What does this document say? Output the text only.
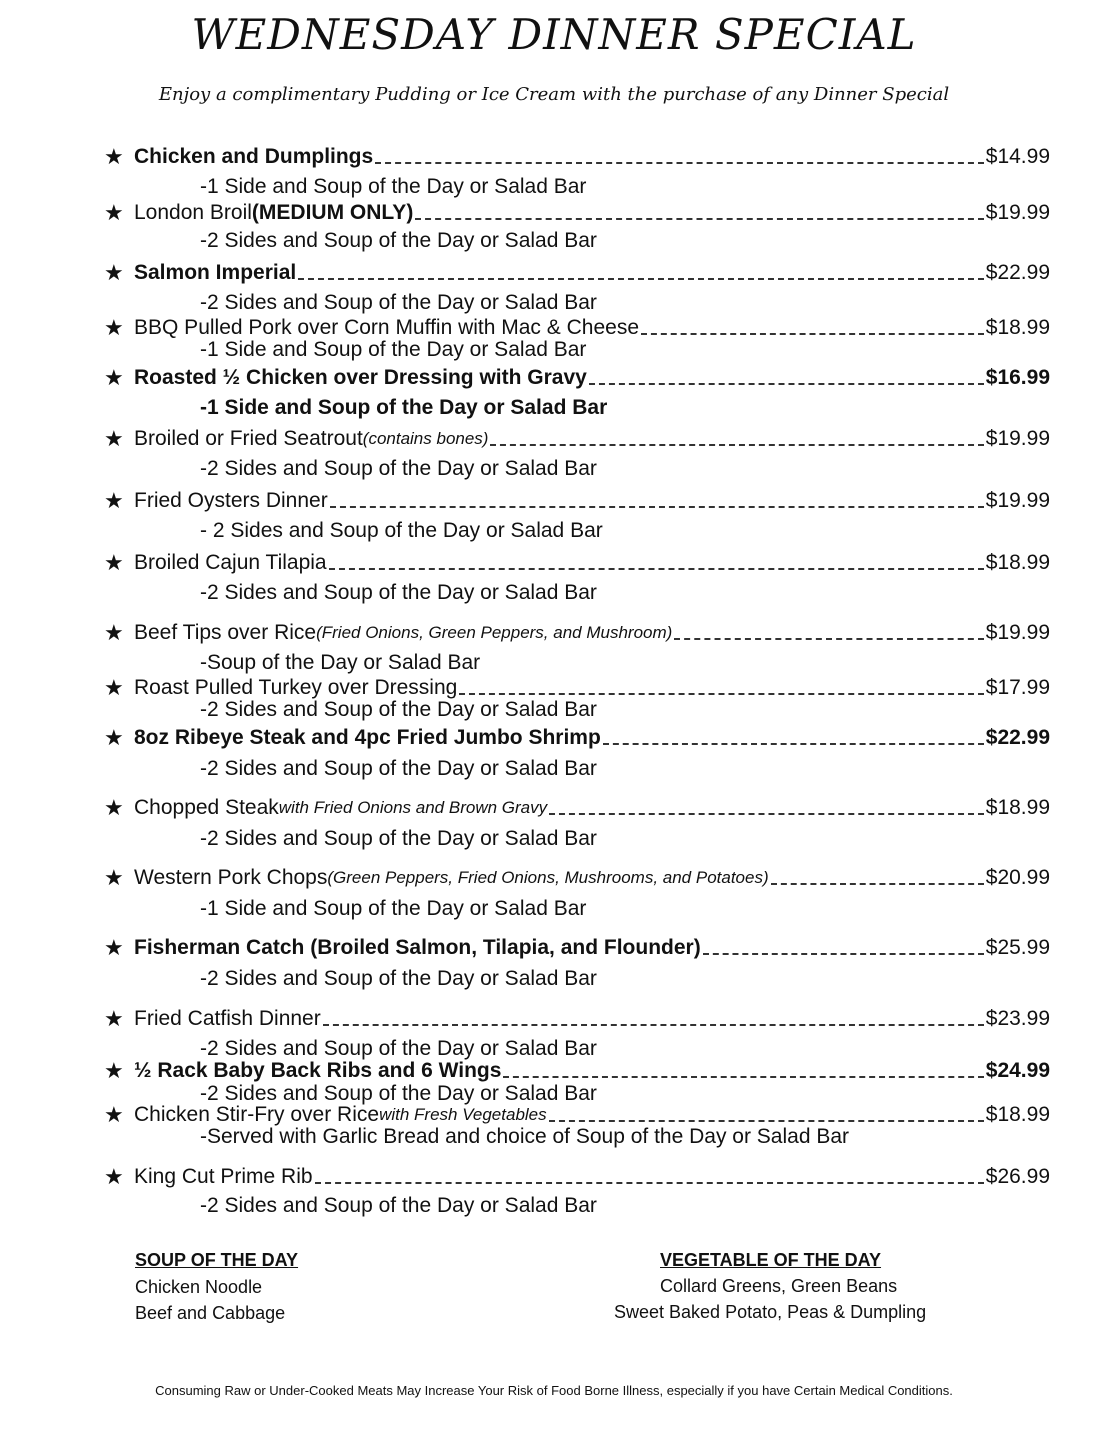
WEDNESDAY DINNER SPECIAL
Enjoy a complimentary Pudding or Ice Cream with the purchase of any Dinner Special
★ Chicken and Dumplings	$14.99
-1 Side and Soup of the Day or Salad Bar
★ London Broil (MEDIUM ONLY)	$19.99
-2 Sides and Soup of the Day or Salad Bar
★ Salmon Imperial	$22.99
-2 Sides and Soup of the Day or Salad Bar
★ BBQ Pulled Pork over Corn Muffin with Mac & Cheese	$18.99
-1 Side and Soup of the Day or Salad Bar
★ Roasted ½ Chicken over Dressing with Gravy	$16.99
-1 Side and Soup of the Day or Salad Bar
★ Broiled or Fried Seatrout (contains bones)	$19.99
-2 Sides and Soup of the Day or Salad Bar
★ Fried Oysters Dinner	$19.99
- 2 Sides and Soup of the Day or Salad Bar
★ Broiled Cajun Tilapia	$18.99
-2 Sides and Soup of the Day or Salad Bar
★ Beef Tips over Rice (Fried Onions, Green Peppers, and Mushroom)	$19.99
-Soup of the Day or Salad Bar
★ Roast Pulled Turkey over Dressing	$17.99
-2 Sides and Soup of the Day or Salad Bar
★ 8oz Ribeye Steak and 4pc Fried Jumbo Shrimp	$22.99
-2 Sides and Soup of the Day or Salad Bar
★ Chopped Steak with Fried Onions and Brown Gravy	$18.99
-2 Sides and Soup of the Day or Salad Bar
★ Western Pork Chops (Green Peppers, Fried Onions, Mushrooms, and Potatoes)	$20.99
-1 Side and Soup of the Day or Salad Bar
★ Fisherman Catch (Broiled Salmon, Tilapia, and Flounder)	$25.99
-2 Sides and Soup of the Day or Salad Bar
★ Fried Catfish Dinner	$23.99
-2 Sides and Soup of the Day or Salad Bar
★ ½ Rack Baby Back Ribs and 6 Wings	$24.99
-2 Sides and Soup of the Day or Salad Bar
★ Chicken Stir-Fry over Rice with Fresh Vegetables	$18.99
-Served with Garlic Bread and choice of Soup of the Day or Salad Bar
★ King Cut Prime Rib	$26.99
-2 Sides and Soup of the Day or Salad Bar
SOUP OF THE DAY
Chicken Noodle
Beef and Cabbage
VEGETABLE OF THE DAY
Collard Greens, Green Beans
Sweet Baked Potato, Peas & Dumpling
Consuming Raw or Under-Cooked Meats May Increase Your Risk of Food Borne Illness, especially if you have Certain Medical Conditions.
